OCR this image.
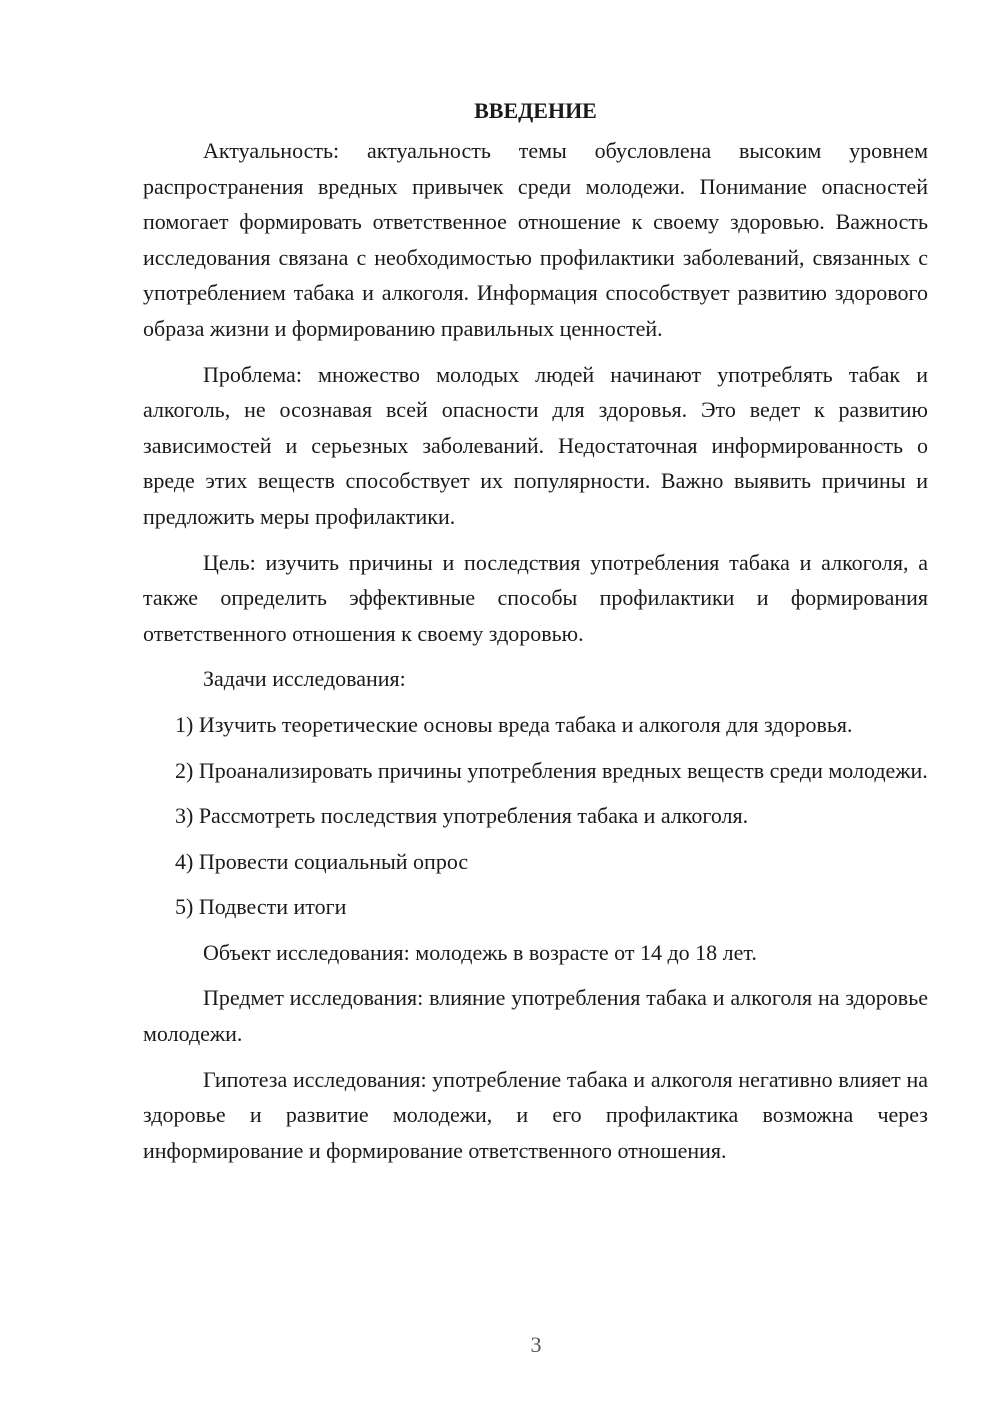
ВВЕДЕНИЕ

Актуальность: актуальность темы обусловлена высоким уровнем распространения вредных привычек среди молодежи. Понимание опасностей помогает формировать ответственное отношение к своему здоровью. Важность исследования связана с необходимостью профилактики заболеваний, связанных с употреблением табака и алкоголя. Информация способствует развитию здорового образа жизни и формированию правильных ценностей.

Проблема: множество молодых людей начинают употреблять табак и алкоголь, не осознавая всей опасности для здоровья. Это ведет к развитию зависимостей и серьезных заболеваний. Недостаточная информированность о вреде этих веществ способствует их популярности. Важно выявить причины и предложить меры профилактики.

Цель: изучить причины и последствия употребления табака и алкоголя, а также определить эффективные способы профилактики и формирования ответственного отношения к своему здоровью.

Задачи исследования:

1) Изучить теоретические основы вреда табака и алкоголя для здоровья.

2) Проанализировать причины употребления вредных веществ среди молодежи.

3) Рассмотреть последствия употребления табака и алкоголя.

4) Провести социальный опрос

5) Подвести итоги

Объект исследования: молодежь в возрасте от 14 до 18 лет.

Предмет исследования: влияние употребления табака и алкоголя на здоровье молодежи.

Гипотеза исследования: употребление табака и алкоголя негативно влияет на здоровье и развитие молодежи, и его профилактика возможна через информирование и формирование ответственного отношения.

3
